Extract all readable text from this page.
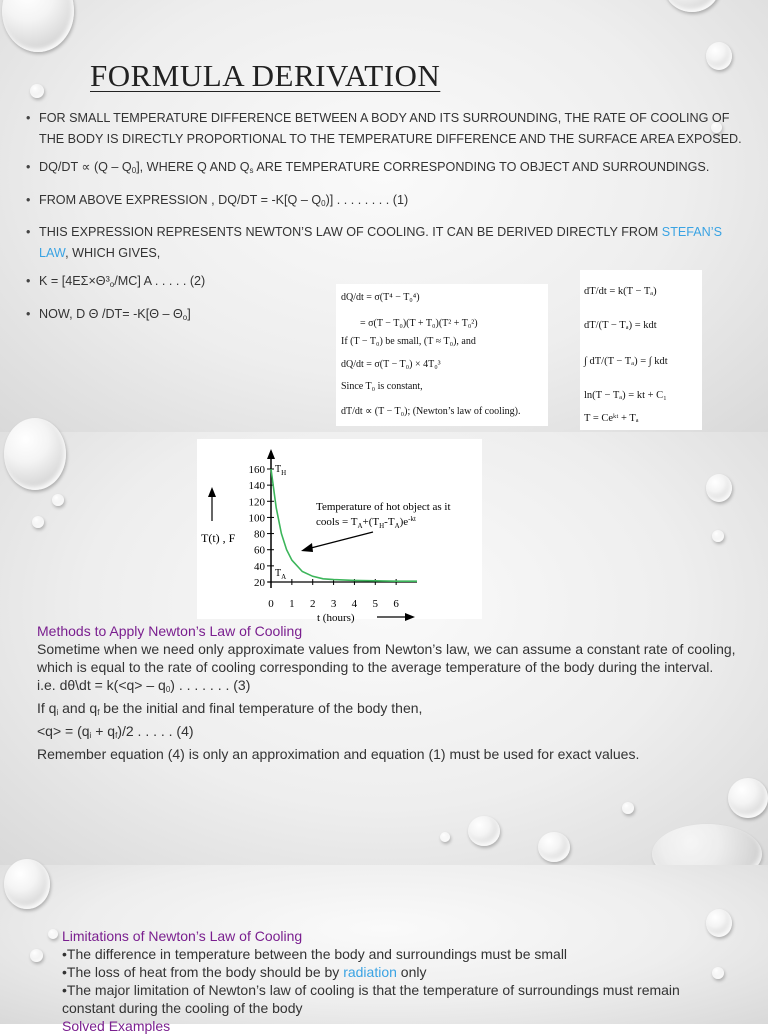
FORMULA DERIVATION
• FOR SMALL TEMPERATURE DIFFERENCE BETWEEN A BODY AND ITS SURROUNDING, THE RATE OF COOLING OF THE BODY IS DIRECTLY PROPORTIONAL TO THE TEMPERATURE DIFFERENCE AND THE SURFACE AREA EXPOSED.
• $DQ/DT \propto (Q - Q_0]$, WHERE Q AND $Q_s$ ARE TEMPERATURE CORRESPONDING TO OBJECT AND SURROUNDINGS.
• FROM ABOVE EXPRESSION , $DQ/DT = -K[Q - Q_0)$] . . . . . . . . (1)
• THIS EXPRESSION REPRESENTS NEWTON’S LAW OF COOLING. IT CAN BE DERIVED DIRECTLY FROM STEFAN’S LAW, WHICH GIVES,
• $K = [4E\Sigma\times\Theta^3_o/MC]$ A . . . . . (2)
• NOW, D Θ $/DT= -K[\Theta - \Theta_o]$
dQ/dt = σ(T⁴ − T₀⁴)
= σ(T − T₀)(T + T₀)(T² + T₀²)
If (T − T₀) be small, (T ≈ T₀), and
dQ/dt = σ(T − T₀) × 4T₀³
Since T₀ is constant,
dT/dt ∝ (T − T₀); (Newton’s law of cooling).
dT/dt = k(T − Tₐ)
dT/(T − Tₐ) = kdt
∫ dT/(T − Tₐ) = ∫ kdt
ln(T − Tₐ) = kt + C₁
T = Ceᵏᵗ + Tₐ
20
40
60
80
100
120
140
160
0 1 2 3 4 5 6
$T_H$
$T_A$
T(t) , F
t (hours)
Temperature of hot object as it
cools = $T_A+(T_H-T_A)e^{-kt}$
Methods to Apply Newton’s Law of Cooling
Sometime when we need only approximate values from Newton’s law, we can assume a constant rate of cooling, which is equal to the rate of cooling corresponding to the average temperature of the body during the interval.
i.e. dθ\dt = $k(<q> - q_0)$ . . . . . . . (3)
If $q_i$ and $q_f$ be the initial and final temperature of the body then,
$<q> = (q_i + q_f)/2$ . . . . . (4)
Remember equation (4) is only an approximation and equation (1) must be used for exact values.
Limitations of Newton’s Law of Cooling
•The difference in temperature between the body and surroundings must be small
•The loss of heat from the body should be by radiation only
•The major limitation of Newton’s law of cooling is that the temperature of surroundings must remain constant during the cooling of the body
Solved Examples
